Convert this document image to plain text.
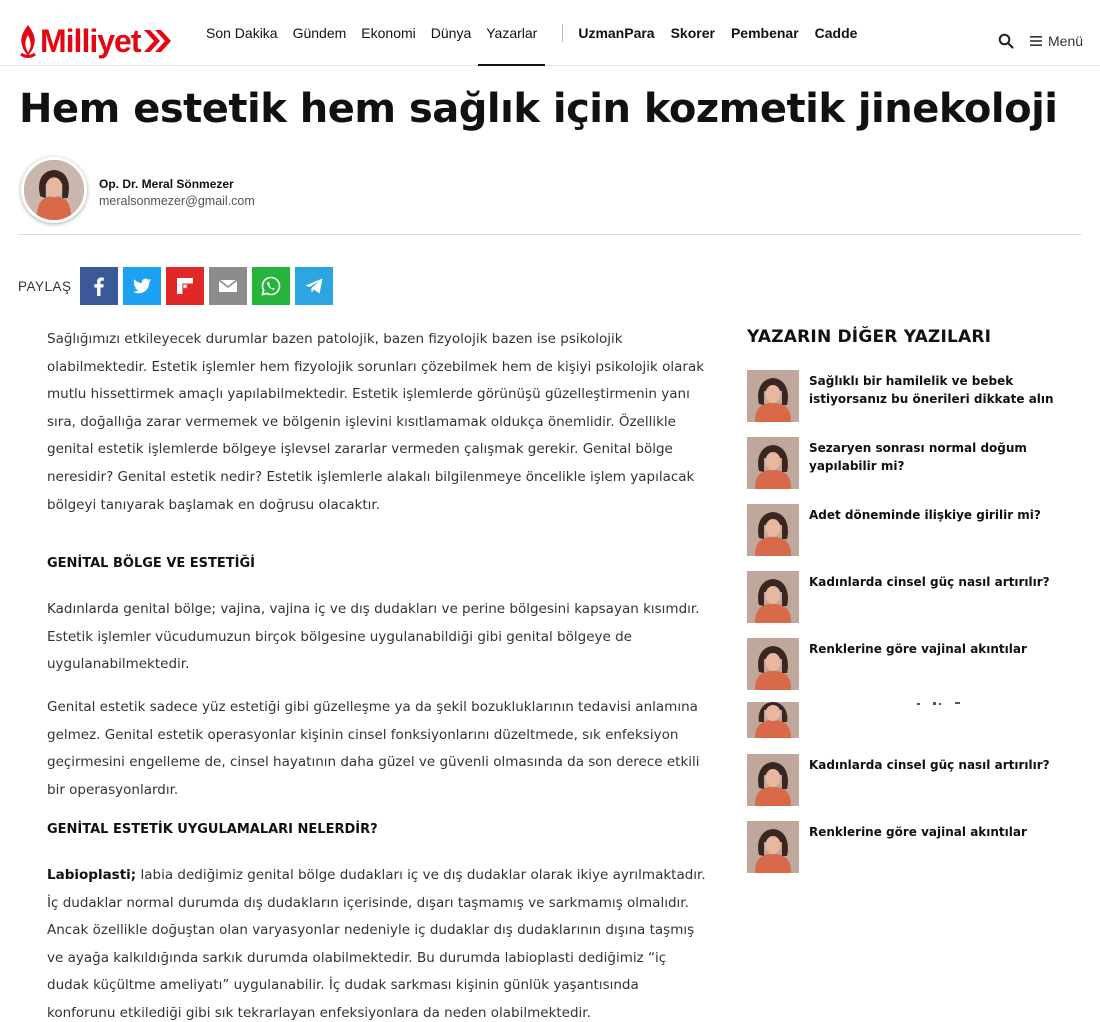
Milliyet	Son Dakika Gündem Ekonomi Dünya Yazarlar	UzmanPara Skorer Pembenar Cadde	Menü
Hem estetik hem sağlık için kozmetik jinekoloji
Op. Dr. Meral Sönmezer
meralsonmezer@gmail.com
PAYLAŞ

Sağlığımızı etkileyecek durumlar bazen patolojik, bazen fizyolojik bazen ise psikolojik olabilmektedir. Estetik işlemler hem fizyolojik sorunları çözebilmek hem de kişiyi psikolojik olarak mutlu hissettirmek amaçlı yapılabilmektedir. Estetik işlemlerde görünüşü güzelleştirmenin yanı sıra, doğallığa zarar vermemek ve bölgenin işlevini kısıtlamamak oldukça önemlidir. Özellikle genital estetik işlemlerde bölgeye işlevsel zararlar vermeden çalışmak gerekir. Genital bölge neresidir? Genital estetik nedir? Estetik işlemlerle alakalı bilgilenmeye öncelikle işlem yapılacak bölgeyi tanıyarak başlamak en doğrusu olacaktır.

GENİTAL BÖLGE VE ESTETİĞİ

Kadınlarda genital bölge; vajina, vajina iç ve dış dudakları ve perine bölgesini kapsayan kısımdır. Estetik işlemler vücudumuzun birçok bölgesine uygulanabildiği gibi genital bölgeye de uygulanabilmektedir.

Genital estetik sadece yüz estetiği gibi güzelleşme ya da şekil bozukluklarının tedavisi anlamına gelmez. Genital estetik operasyonlar kişinin cinsel fonksiyonlarını düzeltmede, sık enfeksiyon geçirmesini engelleme de, cinsel hayatının daha güzel ve güvenli olmasında da son derece etkili bir operasyonlardır.

GENİTAL ESTETİK UYGULAMALARI NELERDİR?

Labioplasti; labia dediğimiz genital bölge dudakları iç ve dış dudaklar olarak ikiye ayrılmaktadır. İç dudaklar normal durumda dış dudakların içerisinde, dışarı taşmamış ve sarkmamış olmalıdır. Ancak özellikle doğuştan olan varyasyonlar nedeniyle iç dudaklar dış dudaklarının dışına taşmış ve ayağa kalkıldığında sarkık durumda olabilmektedir. Bu durumda labioplasti dediğimiz “iç dudak küçültme ameliyatı” uygulanabilir. İç dudak sarkması kişinin günlük yaşantısında konforunu etkilediği gibi sık tekrarlayan enfeksiyonlara da neden olabilmektedir.

YAZARIN DİĞER YAZILARI
Sağlıklı bir hamilelik ve bebek istiyorsanız bu önerileri dikkate alın
Sezaryen sonrası normal doğum yapılabilir mi?
Adet döneminde ilişkiye girilir mi?
Kadınlarda cinsel güç nasıl artırılır?
Renklerine göre vajinal akıntılar
Kadınlarda cinsel güç nasıl artırılır?
Renklerine göre vajinal akıntılar
